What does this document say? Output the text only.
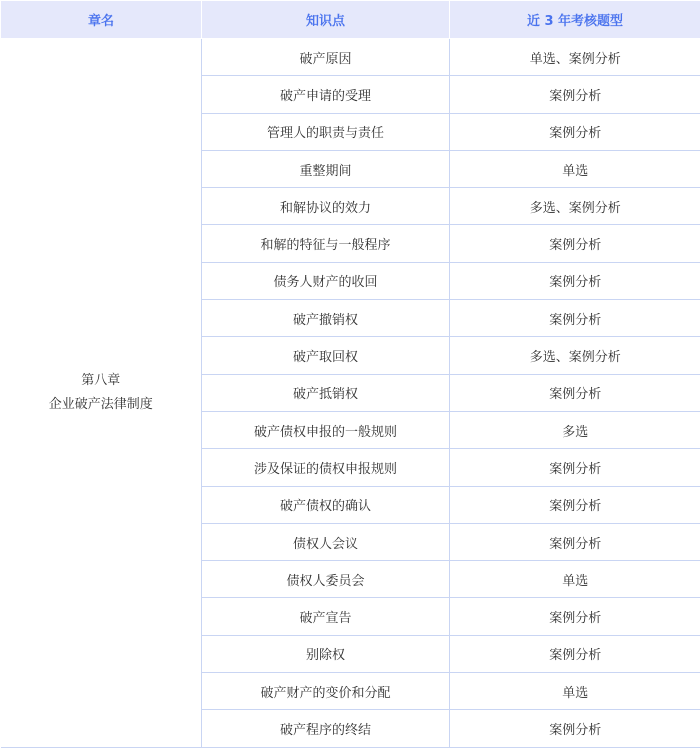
章名	知识点	近 3 年考核题型

第八章
企业破产法律制度	破产原因	单选、案例分析
	破产申请的受理	案例分析
	管理人的职责与责任	案例分析
	重整期间	单选
	和解协议的效力	多选、案例分析
	和解的特征与一般程序	案例分析
	债务人财产的收回	案例分析
	破产撤销权	案例分析
	破产取回权	多选、案例分析
	破产抵销权	案例分析
	破产债权申报的一般规则	多选
	涉及保证的债权申报规则	案例分析
	破产债权的确认	案例分析
	债权人会议	案例分析
	债权人委员会	单选
	破产宣告	案例分析
	别除权	案例分析
	破产财产的变价和分配	单选
	破产程序的终结	案例分析
